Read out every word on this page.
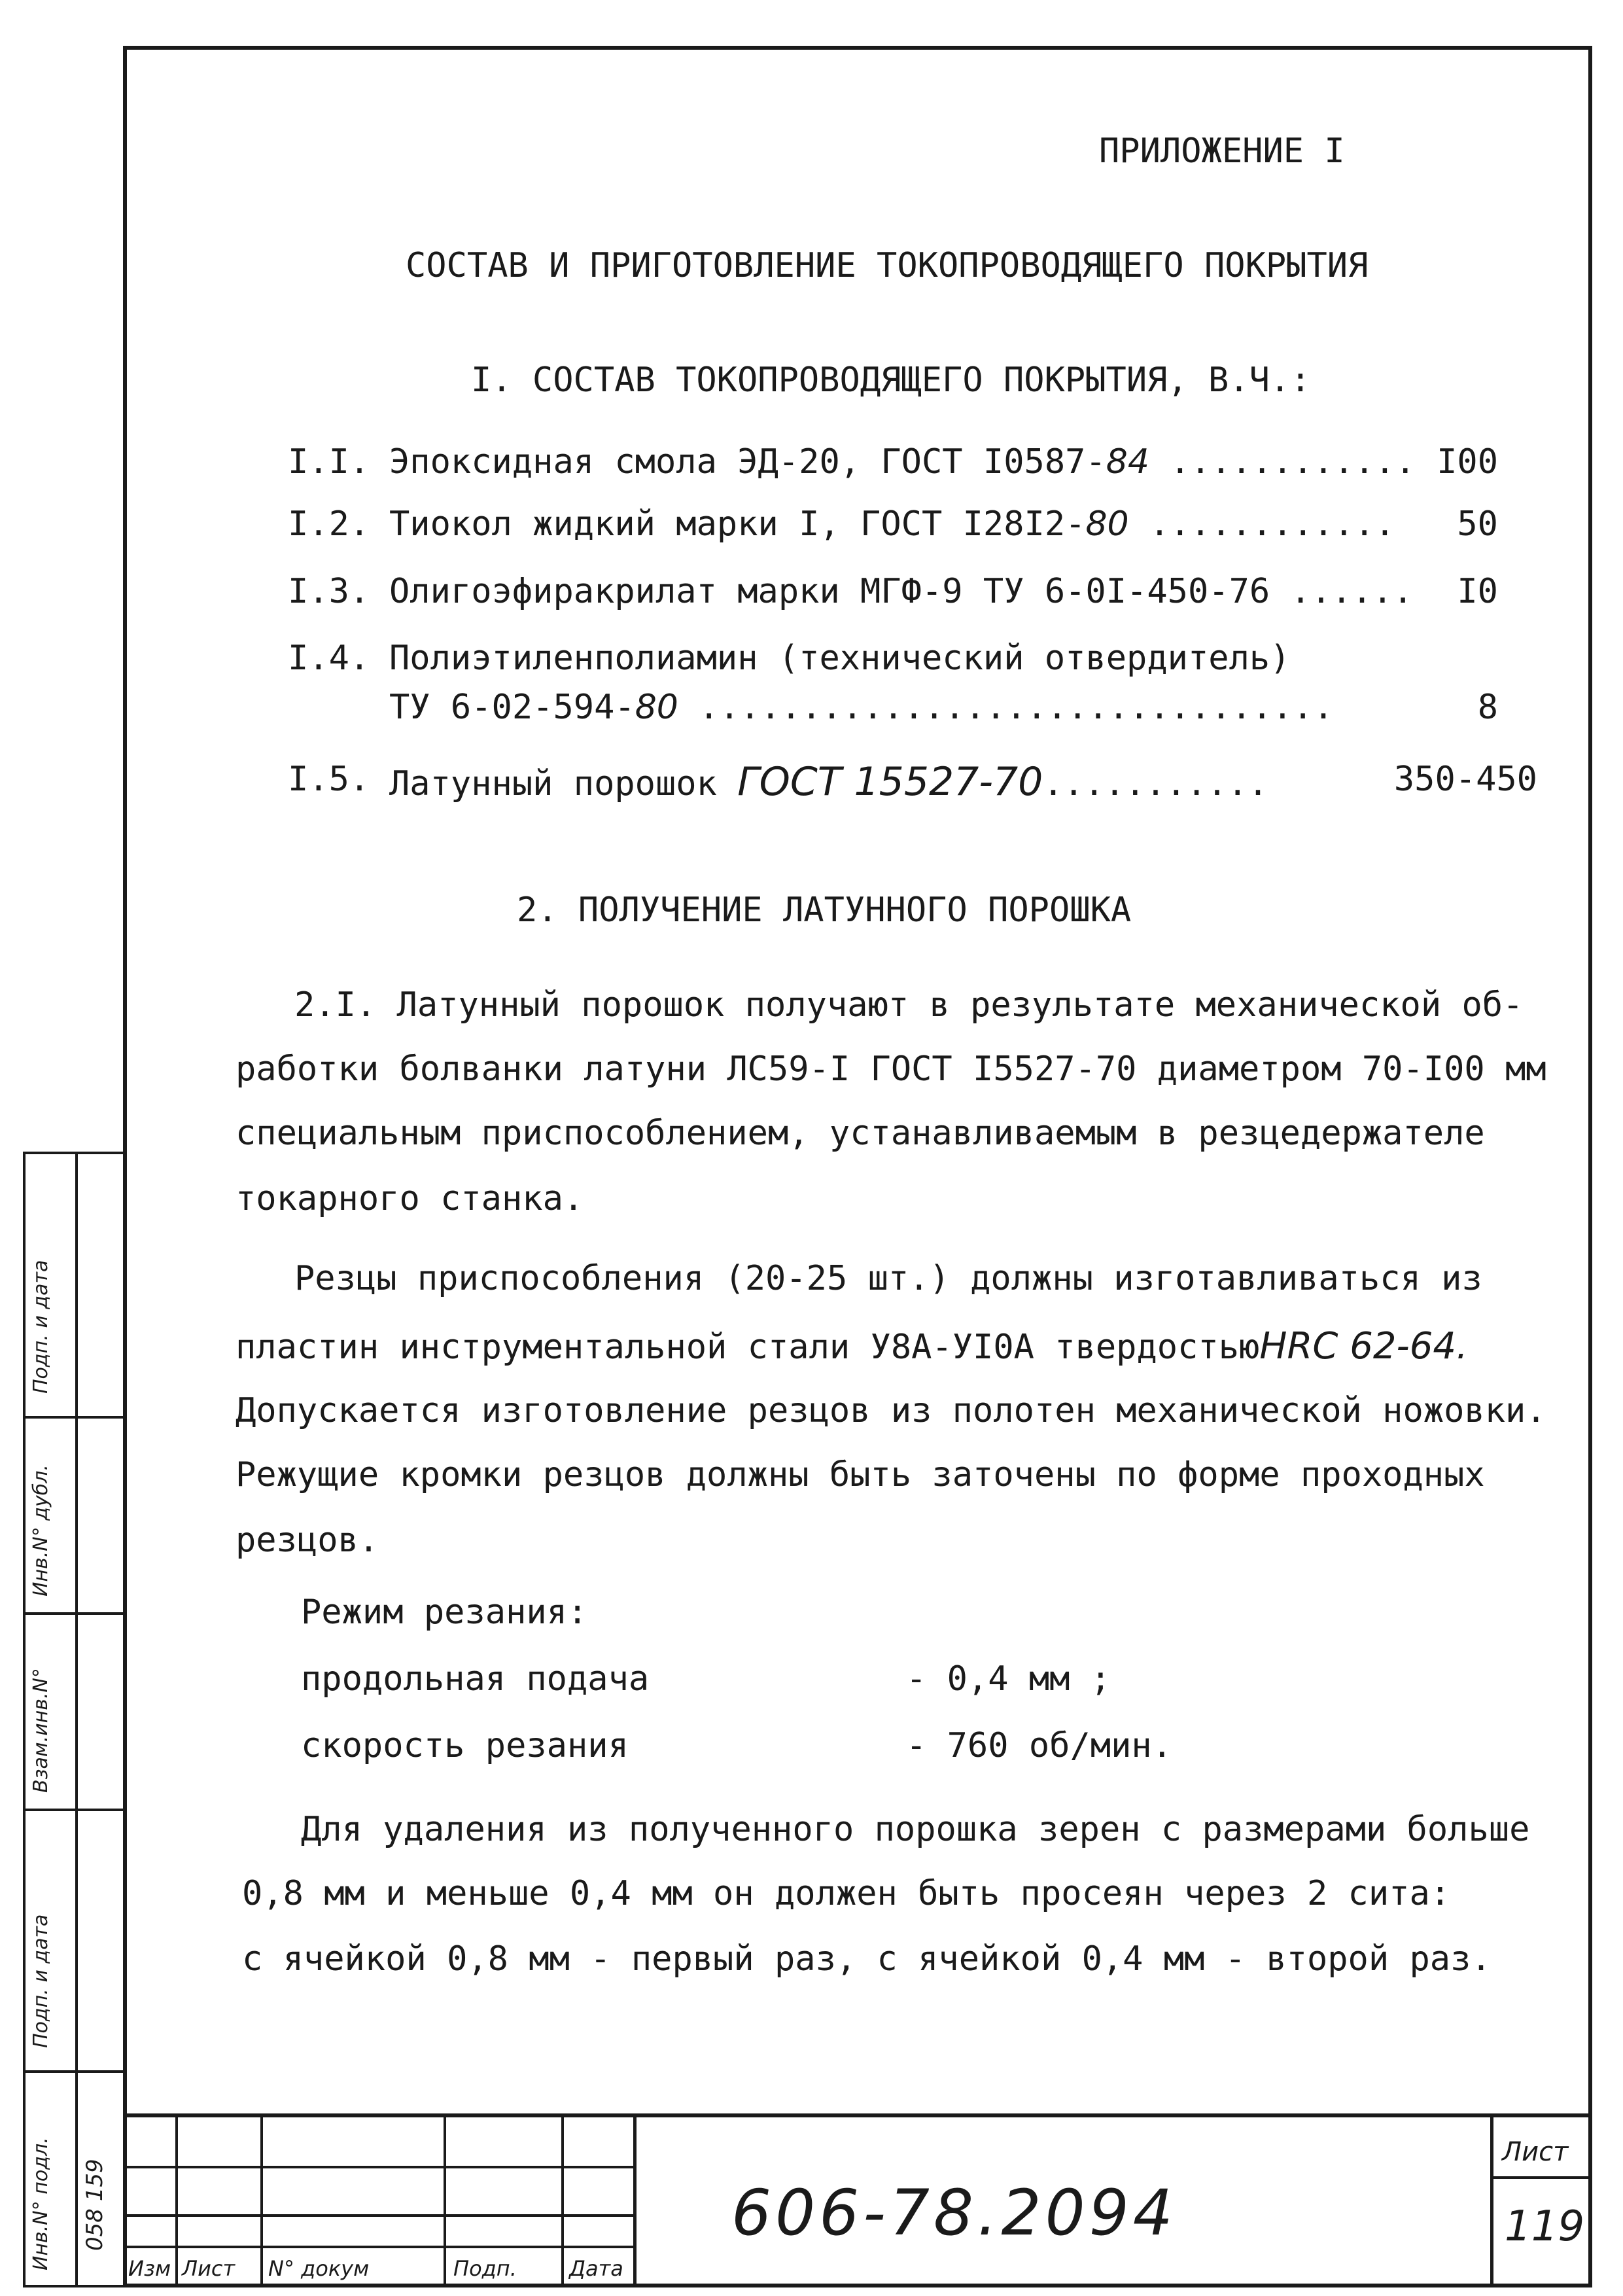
ПРИЛОЖЕНИЕ I
СОСТАВ И ПРИГОТОВЛЕНИЕ ТОКОПРОВОДЯЩЕГО ПОКРЫТИЯ
I. СОСТАВ ТОКОПРОВОДЯЩЕГО ПОКРЫТИЯ, В.Ч.:
I.I. Эпоксидная смола ЭД-20, ГОСТ I0587-84 ............ I00
I.2. Тиокол жидкий марки I, ГОСТ I28I2-80 ............	50
I.3. Олигоэфиракрилат марки МГФ-9 ТУ 6-0I-450-76 ......	I0
I.4. Полиэтиленполиамин (технический отвердитель)
ТУ 6-02-594-80 ...............................	8
I.5. Латунный порошок ГОСТ 15527-70...........	350-450
2. ПОЛУЧЕНИЕ ЛАТУННОГО ПОРОШКА
2.I. Латунный порошок получают в результате механической об-
работки болванки латуни ЛС59-I ГОСТ I5527-70 диаметром 70-I00 мм
специальным приспособлением, устанавливаемым в резцедержателе
токарного станка.
Резцы приспособления (20-25 шт.) должны изготавливаться из
пластин инструментальной стали У8А-УI0А твердостьюHRC 62-64.
Допускается изготовление резцов из полотен механической ножовки.
Режущие кромки резцов должны быть заточены по форме проходных
резцов.
Режим резания:
продольная подача	- 0,4 мм ;
скорость резания	- 760 об/мин.
Для удаления из полученного порошка зерен с размерами больше
0,8 мм и меньше 0,4 мм он должен быть просеян через 2 сита:
с ячейкой 0,8 мм - первый раз, с ячейкой 0,4 мм - второй раз.
Подп. и дата
Инв.N° дубл.
Взам.инв.N°
Подп. и дата
Инв.N° подл. 058 159
Изм Лист N° докум	Подп.	Дата
606-78.2094
Лист
119
